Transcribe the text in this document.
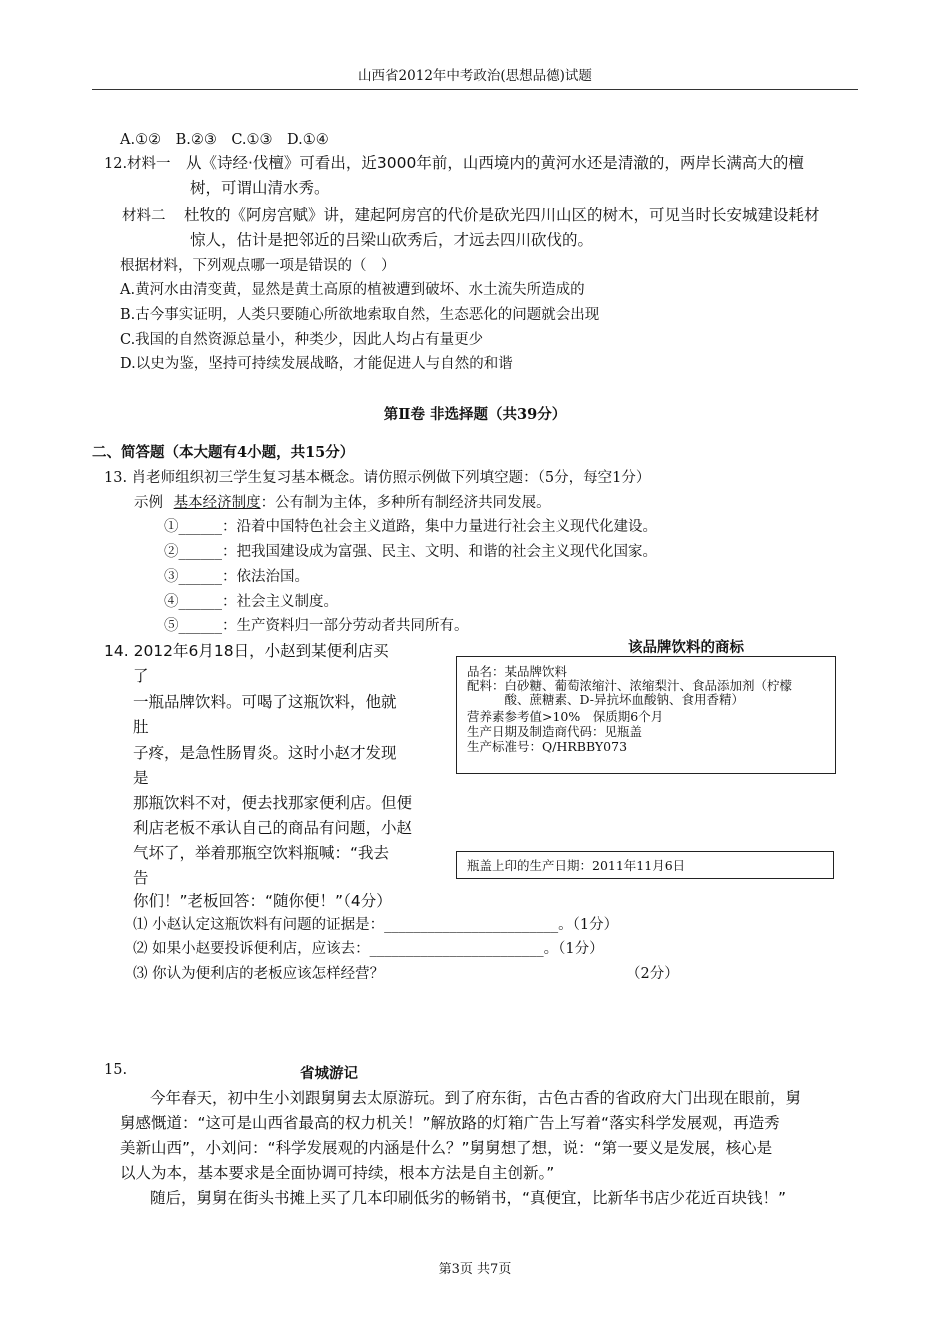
山西省2012年中考政治(思想品德)试题
A.①②　B.②③　C.①③　D.①④
12.材料一 从《诗经·伐檀》可看出，近3000年前，山西境内的黄河水还是清澈的，两岸长满高大的檀
树，可谓山清水秀。
材料二 杜牧的《阿房宫赋》讲，建起阿房宫的代价是砍光四川山区的树木，可见当时长安城建设耗材
惊人，估计是把邻近的吕梁山砍秀后，才远去四川砍伐的。
根据材料，下列观点哪一项是错误的（　）
A.黄河水由清变黄，显然是黄土高原的植被遭到破坏、水土流失所造成的
B.古今事实证明，人类只要随心所欲地索取自然，生态恶化的问题就会出现
C.我国的自然资源总量小，种类少，因此人均占有量更少
D.以史为鉴，坚持可持续发展战略，才能促进人与自然的和谐
第Ⅱ卷 非选择题（共39分）
二、简答题（本大题有4小题，共15分）
13. 肖老师组织初三学生复习基本概念。请仿照示例做下列填空题：（5分，每空1分）
示例 基本经济制度：公有制为主体，多种所有制经济共同发展。
①______：沿着中国特色社会主义道路，集中力量进行社会主义现代化建设。
②______：把我国建设成为富强、民主、文明、和谐的社会主义现代化国家。
③______：依法治国。
④______：社会主义制度。
⑤______：生产资料归一部分劳动者共同所有。
14. 2012年6月18日，小赵到某便利店买
了
一瓶品牌饮料。可喝了这瓶饮料，他就
肚
子疼，是急性肠胃炎。这时小赵才发现
是
那瓶饮料不对，便去找那家便利店。但便
利店老板不承认自己的商品有问题，小赵
气坏了，举着那瓶空饮料瓶喊：“我去
告
你们！”老板回答：“随你便！”（4分）
该品牌饮料的商标
品名：某品牌饮料
配料：白砂糖、葡萄浓缩汁、浓缩梨汁、食品添加剂（柠檬
　　　酸、蔗糖素、D-异抗坏血酸钠、食用香精）
营养素参考值>10%　保质期6个月
生产日期及制造商代码：见瓶盖
生产标准号：Q/HRBBY073
瓶盖上印的生产日期：2011年11月6日
⑴ 小赵认定这瓶饮料有问题的证据是：________________________。（1分）
⑵ 如果小赵要投诉便利店，应该去：________________________。（1分）
⑶ 你认为便利店的老板应该怎样经营？	（2分）
15.	省城游记
今年春天，初中生小刘跟舅舅去太原游玩。到了府东街，古色古香的省政府大门出现在眼前，舅
舅感慨道：“这可是山西省最高的权力机关！”解放路的灯箱广告上写着“落实科学发展观，再造秀
美新山西”，小刘问：“科学发展观的内涵是什么？”舅舅想了想，说：“第一要义是发展，核心是
以人为本，基本要求是全面协调可持续，根本方法是自主创新。”
随后，舅舅在街头书摊上买了几本印刷低劣的畅销书，“真便宜，比新华书店少花近百块钱！”
第3页 共7页
